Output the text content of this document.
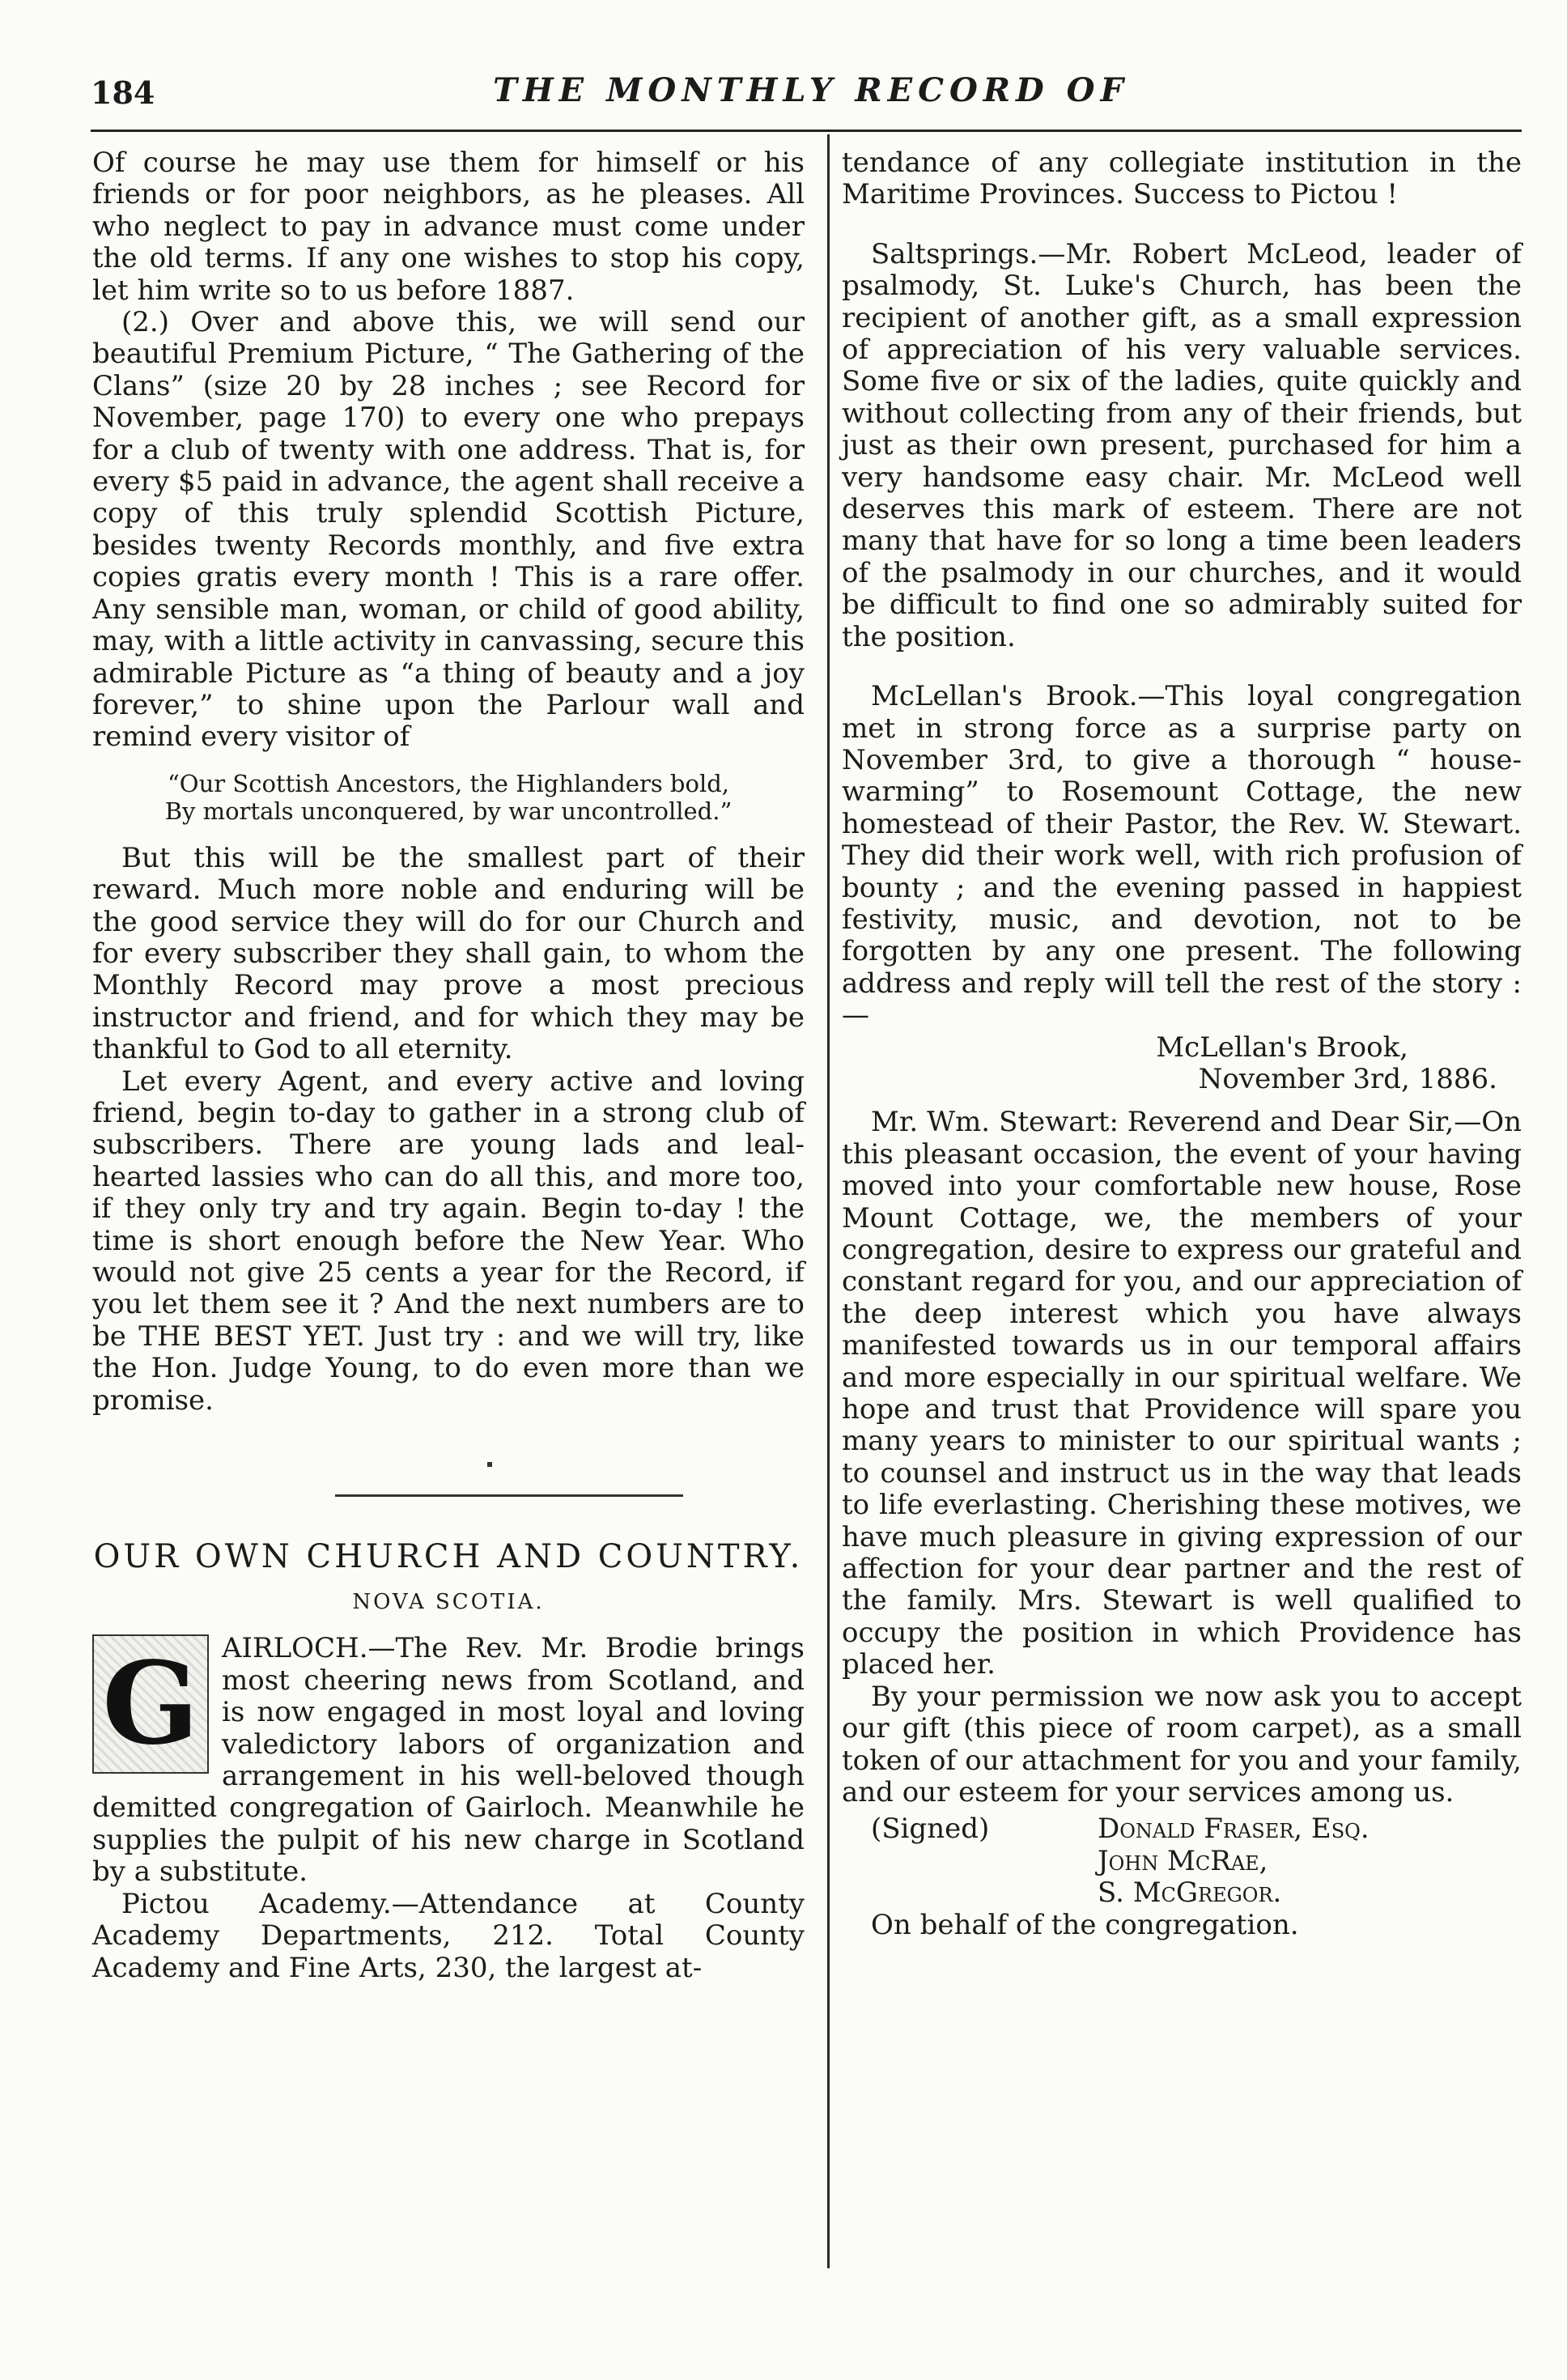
184	THE MONTHLY RECORD OF

Of course he may use them for himself or his friends or for poor neighbors, as he pleases. All who neglect to pay in advance must come under the old terms. If any one wishes to stop his copy, let him write so to us before 1887.

(2.) Over and above this, we will send our beautiful Premium Picture, “ The Gathering of the Clans” (size 20 by 28 inches ; see Record for November, page 170) to every one who prepays for a club of twenty with one address. That is, for every $5 paid in advance, the agent shall receive a copy of this truly splendid Scottish Picture, besides twenty Records monthly, and five extra copies gratis every month ! This is a rare offer. Any sensible man, woman, or child of good ability, may, with a little activity in canvassing, secure this admirable Picture as “a thing of beauty and a joy forever,” to shine upon the Parlour wall and remind every visitor of

“Our Scottish Ancestors, the Highlanders bold,
By mortals unconquered, by war uncontrolled.”

But this will be the smallest part of their reward. Much more noble and enduring will be the good service they will do for our Church and for every subscriber they shall gain, to whom the Monthly Record may prove a most precious instructor and friend, and for which they may be thankful to God to all eternity.

Let every Agent, and every active and loving friend, begin to-day to gather in a strong club of subscribers. There are young lads and leal-hearted lassies who can do all this, and more too, if they only try and try again. Begin to-day ! the time is short enough before the New Year. Who would not give 25 cents a year for the Record, if you let them see it ? And the next numbers are to be THE BEST YET. Just try : and we will try, like the Hon. Judge Young, to do even more than we promise.

OUR OWN CHURCH AND COUNTRY.
NOVA SCOTIA.
G AIRLOCH.—The Rev. Mr. Brodie brings most cheering news from Scotland, and is now engaged in most loyal and loving valedictory labors of organization and arrangement in his well-beloved though demitted congregation of Gairloch. Meanwhile he supplies the pulpit of his new charge in Scotland by a substitute.

Pictou Academy.—Attendance at County Academy Departments, 212. Total County Academy and Fine Arts, 230, the largest at-

tendance of any collegiate institution in the Maritime Provinces. Success to Pictou !

Saltsprings.—Mr. Robert McLeod, leader of psalmody, St. Luke's Church, has been the recipient of another gift, as a small expression of appreciation of his very valuable services. Some five or six of the ladies, quite quickly and without collecting from any of their friends, but just as their own present, purchased for him a very handsome easy chair. Mr. McLeod well deserves this mark of esteem. There are not many that have for so long a time been leaders of the psalmody in our churches, and it would be difficult to find one so admirably suited for the position.

McLellan's Brook.—This loyal congregation met in strong force as a surprise party on November 3rd, to give a thorough “ house-warming” to Rosemount Cottage, the new homestead of their Pastor, the Rev. W. Stewart. They did their work well, with rich profusion of bounty ; and the evening passed in happiest festivity, music, and devotion, not to be forgotten by any one present. The following address and reply will tell the rest of the story :—

McLellan's Brook,
November 3rd, 1886.

Mr. Wm. Stewart: Reverend and Dear Sir,—On this pleasant occasion, the event of your having moved into your comfortable new house, Rose Mount Cottage, we, the members of your congregation, desire to express our grateful and constant regard for you, and our appreciation of the deep interest which you have always manifested towards us in our temporal affairs and more especially in our spiritual welfare. We hope and trust that Providence will spare you many years to minister to our spiritual wants ; to counsel and instruct us in the way that leads to life everlasting. Cherishing these motives, we have much pleasure in giving expression of our affection for your dear partner and the rest of the family. Mrs. Stewart is well qualified to occupy the position in which Providence has placed her.

By your permission we now ask you to accept our gift (this piece of room carpet), as a small token of our attachment for you and your family, and our esteem for your services among us.

(Signed)	Donald Fraser, Esq.
John McRae,
S. McGregor.
On behalf of the congregation.
